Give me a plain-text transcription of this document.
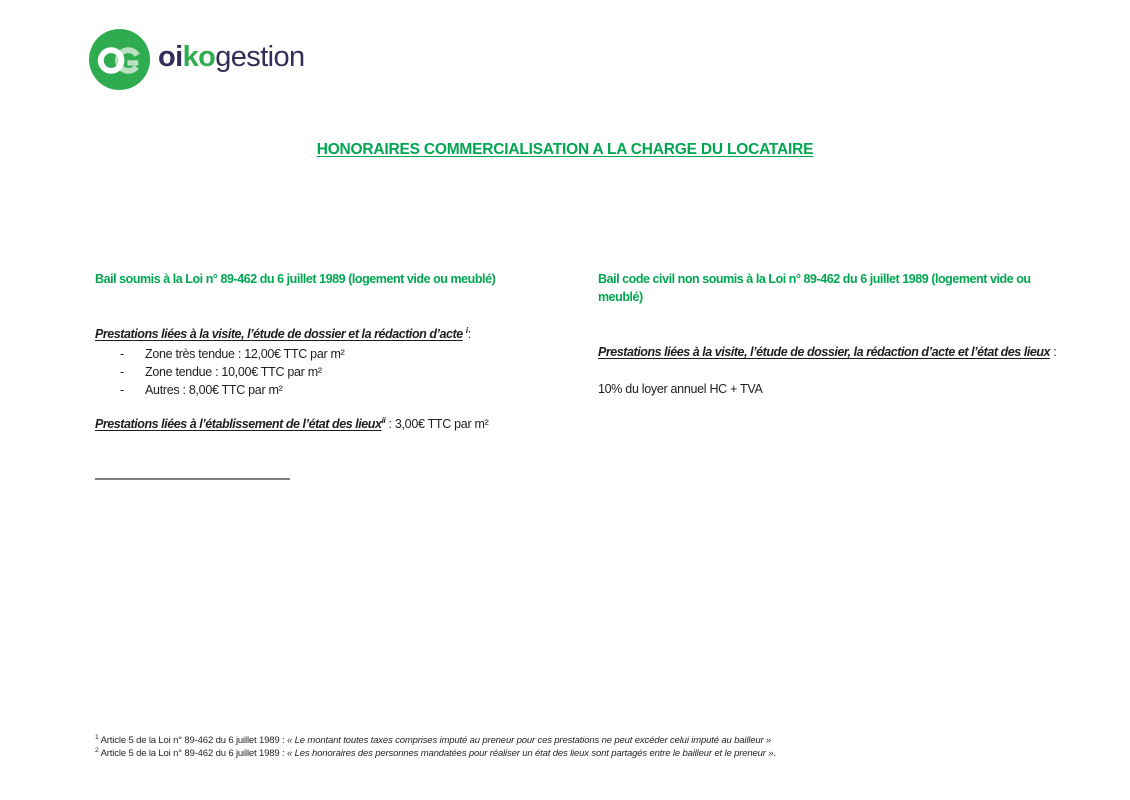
oikogestion
HONORAIRES COMMERCIALISATION A LA CHARGE DU LOCATAIRE
Bail soumis à la Loi n° 89-462 du 6 juillet 1989 (logement vide ou meublé)	Bail code civil non soumis à la Loi n° 89-462 du 6 juillet 1989 (logement vide ou meublé)
Prestations liées à la visite, l’étude de dossier et la rédaction d’acte $^i$:
-	Zone très tendue : 12,00€ TTC par m²
-	Zone tendue : 10,00€ TTC par m²
-	Autres : 8,00€ TTC par m²
Prestations liées à l’établissement de l’état des lieux$^{ii}$ : 3,00€ TTC par m²
Prestations liées à la visite, l’étude de dossier, la rédaction d’acte et l’état des lieux :
10% du loyer annuel HC + TVA
$^1$ Article 5 de la Loi n° 89-462 du 6 juillet 1989 : « Le montant toutes taxes comprises imputé au preneur pour ces prestations ne peut excéder celui imputé au bailleur »
$^2$ Article 5 de la Loi n° 89-462 du 6 juillet 1989 : « Les honoraires des personnes mandatées pour réaliser un état des lieux sont partagés entre le bailleur et le preneur ».
